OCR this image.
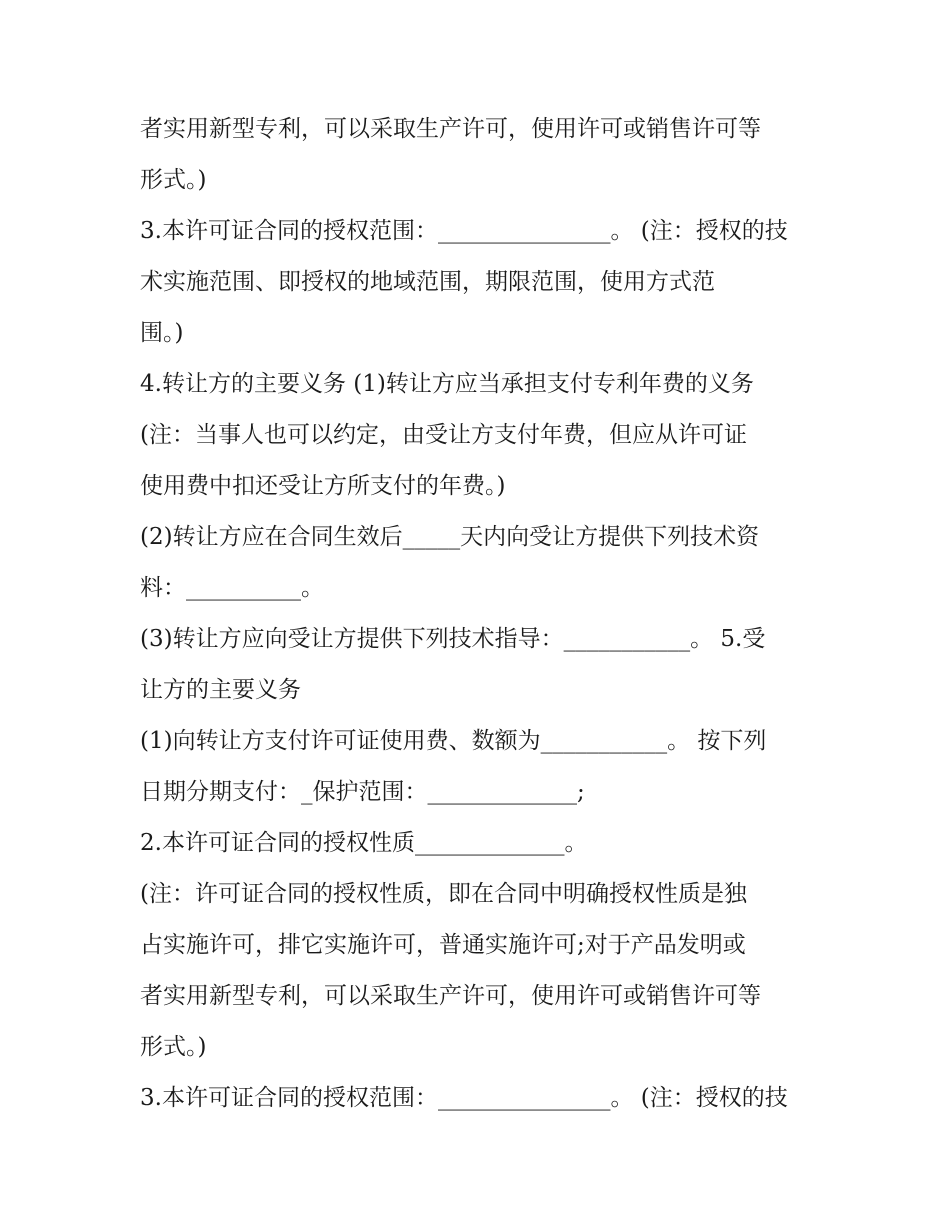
者实用新型专利，可以采取生产许可，使用许可或销售许可等
形式。)
3.本许可证合同的授权范围：_______________。 (注：授权的技
术实施范围、即授权的地域范围，期限范围，使用方式范
围。)
4.转让方的主要义务 (1)转让方应当承担支付专利年费的义务
(注：当事人也可以约定，由受让方支付年费，但应从许可证
使用费中扣还受让方所支付的年费。)
(2)转让方应在合同生效后_____天内向受让方提供下列技术资
料：__________。
(3)转让方应向受让方提供下列技术指导：___________。 5.受
让方的主要义务
(1)向转让方支付许可证使用费、数额为___________。 按下列
日期分期支付：_保护范围：_____________;
2.本许可证合同的授权性质_____________。
(注：许可证合同的授权性质，即在合同中明确授权性质是独
占实施许可，排它实施许可，普通实施许可;对于产品发明或
者实用新型专利，可以采取生产许可，使用许可或销售许可等
形式。)
3.本许可证合同的授权范围：_______________。 (注：授权的技
